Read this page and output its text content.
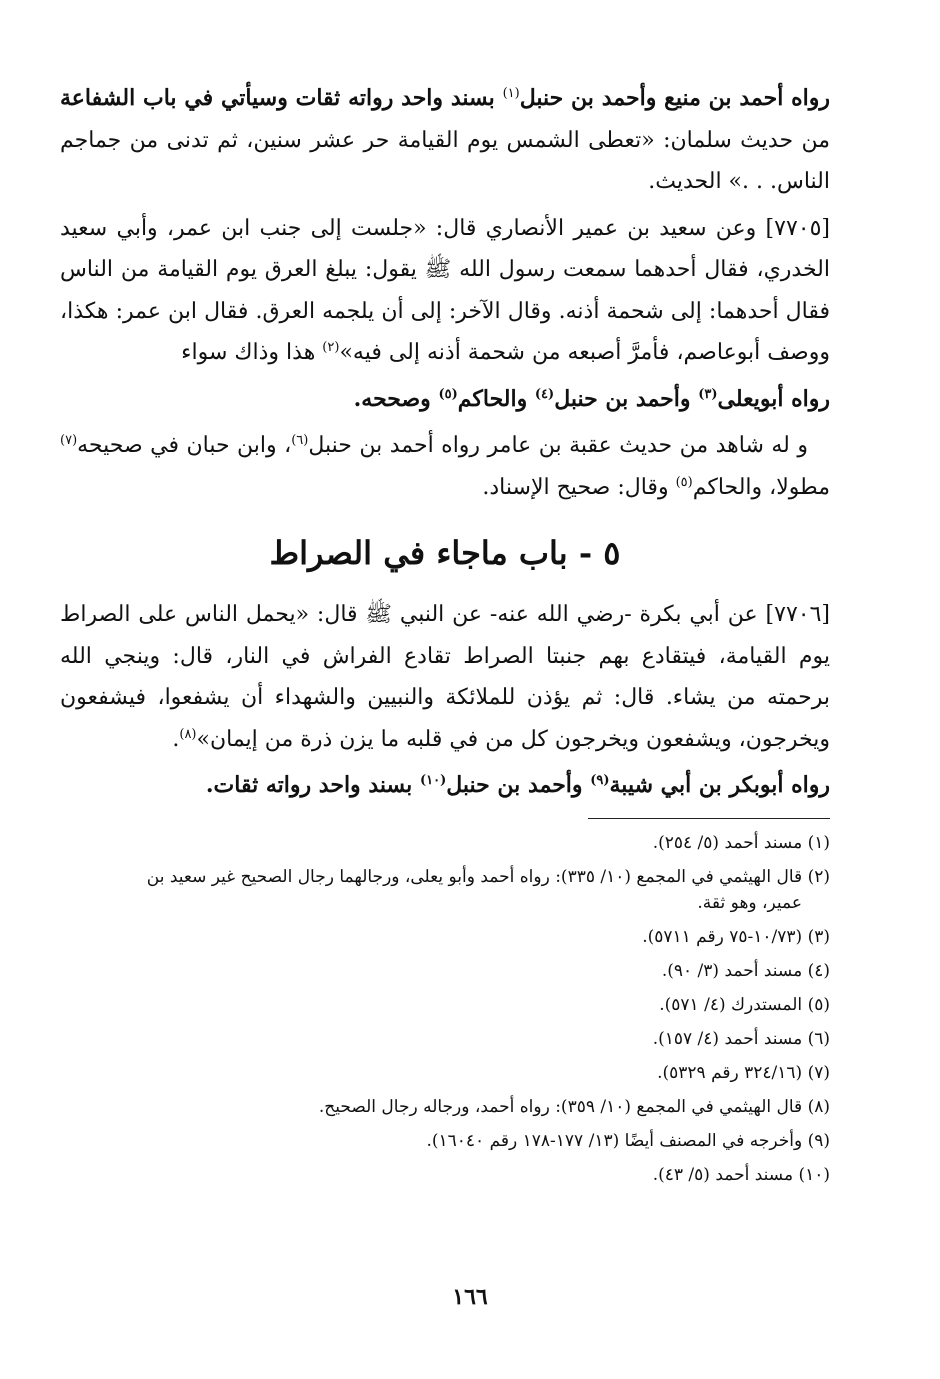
رواه أحمد بن منيع وأحمد بن حنبل$^{(١)}$ بسند واحد رواته ثقات وسيأتي في باب الشفاعة من حديث سلمان: «تعطى الشمس يوم القيامة حر عشر سنين، ثم تدنى من جماجم الناس. . .» الحديث.

[٧٧٠٥] وعن سعيد بن عمير الأنصاري قال: «جلست إلى جنب ابن عمر، وأبي سعيد الخدري، فقال أحدهما سمعت رسول الله ﷺ يقول: يبلغ العرق يوم القيامة من الناس فقال أحدهما: إلى شحمة أذنه. وقال الآخر: إلى أن يلجمه العرق. فقال ابن عمر: هكذا، ووصف أبوعاصم، فأمرَّ أصبعه من شحمة أذنه إلى فيه»$^{(٢)}$ هذا وذاك سواء

رواه أبويعلى$^{(٣)}$ وأحمد بن حنبل$^{(٤)}$ والحاكم$^{(٥)}$ وصححه.

و له شاهد من حديث عقبة بن عامر رواه أحمد بن حنبل$^{(٦)}$، وابن حبان في صحيحه$^{(٧)}$ مطولا، والحاكم$^{(٥)}$ وقال: صحيح الإسناد.

٥ - باب ماجاء في الصراط

[٧٧٠٦] عن أبي بكرة -رضي الله عنه- عن النبي ﷺ قال: «يحمل الناس على الصراط يوم القيامة، فيتقادع بهم جنبتا الصراط تقادع الفراش في النار، قال: وينجي الله برحمته من يشاء. قال: ثم يؤذن للملائكة والنبيين والشهداء أن يشفعوا، فيشفعون ويخرجون، ويشفعون ويخرجون كل من في قلبه ما يزن ذرة من إيمان»$^{(٨)}$.

رواه أبوبكر بن أبي شيبة$^{(٩)}$ وأحمد بن حنبل$^{(١٠)}$ بسند واحد رواته ثقات.

(١) مسند أحمد (٥/ ٢٥٤).

(٢) قال الهيثمي في المجمع (١٠/ ٣٣٥): رواه أحمد وأبو يعلى، ورجالهما رجال الصحيح غير سعيد بن
عمير، وهو ثقة.

(٣) (١٠/٧٣-٧٥ رقم ٥٧١١).

(٤) مسند أحمد (٣/ ٩٠).

(٥) المستدرك (٤/ ٥٧١).

(٦) مسند أحمد (٤/ ١٥٧).

(٧) (٣٢٤/١٦ رقم ٥٣٢٩).

(٨) قال الهيثمي في المجمع (١٠/ ٣٥٩): رواه أحمد، ورجاله رجال الصحيح.

(٩) وأخرجه في المصنف أيضًا (١٣/ ١٧٧-١٧٨ رقم ١٦٠٤٠).

(١٠) مسند أحمد (٥/ ٤٣).

١٦٦
